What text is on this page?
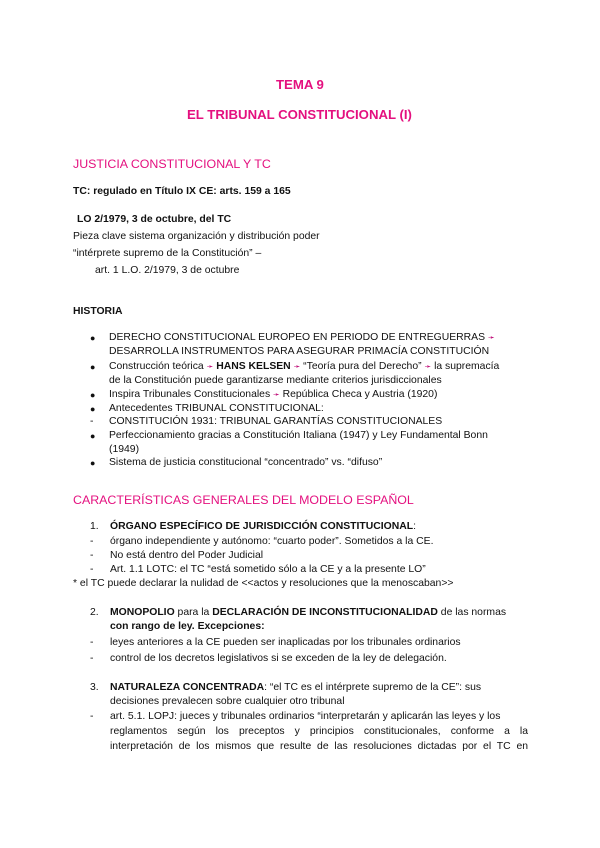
TEMA 9
EL TRIBUNAL CONSTITUCIONAL (I)
JUSTICIA CONSTITUCIONAL Y TC
TC: regulado en Título IX CE: arts. 159 a 165
LO 2/1979, 3 de octubre, del TC
Pieza clave sistema organización y distribución poder
“intérprete supremo de la Constitución” –
art. 1 L.O. 2/1979, 3 de octubre
HISTORIA
● DERECHO CONSTITUCIONAL EUROPEO EN PERIODO DE ENTREGUERRAS ➛
DESARROLLA INSTRUMENTOS PARA ASEGURAR PRIMACÍA CONSTITUCIÓN
● Construcción teórica ➛ HANS KELSEN ➛ “Teoría pura del Derecho” ➛ la supremacía
de la Constitución puede garantizarse mediante criterios jurisdiccionales
● Inspira Tribunales Constitucionales ➛ República Checa y Austria (1920)
● Antecedentes TRIBUNAL CONSTITUCIONAL:
- CONSTITUCIÓN 1931: TRIBUNAL GARANTÍAS CONSTITUCIONALES
● Perfeccionamiento gracias a Constitución Italiana (1947) y Ley Fundamental Bonn
(1949)
● Sistema de justicia constitucional “concentrado” vs. “difuso”
CARACTERÍSTICAS GENERALES DEL MODELO ESPAÑOL
1. ÓRGANO ESPECÍFICO DE JURISDICCIÓN CONSTITUCIONAL:
- órgano independiente y autónomo: “cuarto poder”. Sometidos a la CE.
- No está dentro del Poder Judicial
- Art. 1.1 LOTC: el TC “está sometido sólo a la CE y a la presente LO”
* el TC puede declarar la nulidad de <<actos y resoluciones que la menoscaban>>
2. MONOPOLIO para la DECLARACIÓN DE INCONSTITUCIONALIDAD de las normas
con rango de ley. Excepciones:
- leyes anteriores a la CE pueden ser inaplicadas por los tribunales ordinarios
- control de los decretos legislativos si se exceden de la ley de delegación.
3. NATURALEZA CONCENTRADA: “el TC es el intérprete supremo de la CE”: sus
decisiones prevalecen sobre cualquier otro tribunal
- art. 5.1. LOPJ: jueces y tribunales ordinarios “interpretarán y aplicarán las leyes y los
reglamentos según los preceptos y principios constitucionales, conforme a la
interpretación de los mismos que resulte de las resoluciones dictadas por el TC en
